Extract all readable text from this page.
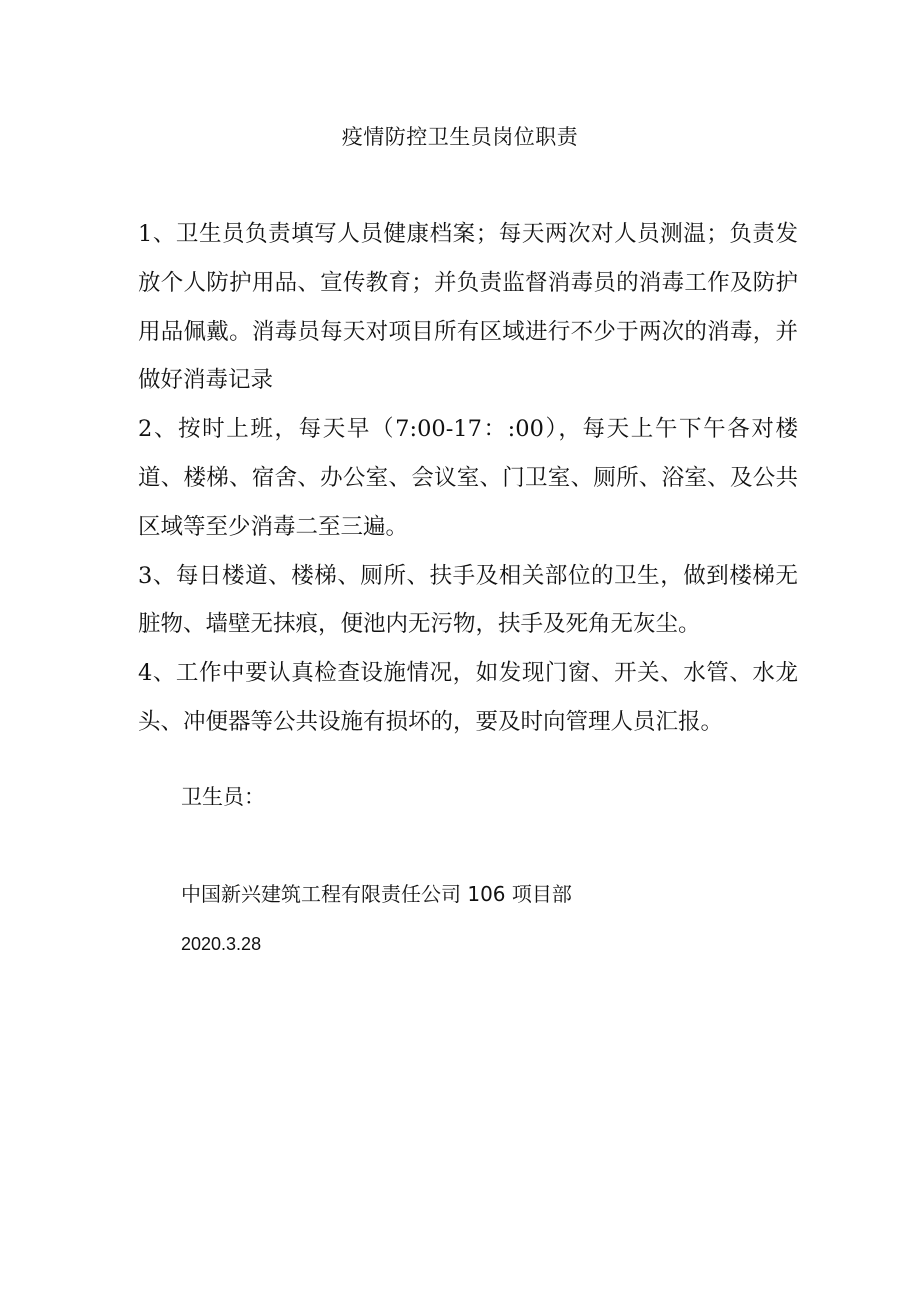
疫情防控卫生员岗位职责

1、卫生员负责填写人员健康档案；每天两次对人员测温；负责发放个人防护用品、宣传教育；并负责监督消毒员的消毒工作及防护用品佩戴。消毒员每天对项目所有区域进行不少于两次的消毒，并做好消毒记录

2、按时上班，每天早（7:00-17：:00），每天上午下午各对楼道、楼梯、宿舍、办公室、会议室、门卫室、厕所、浴室、及公共区域等至少消毒二至三遍。

3、每日楼道、楼梯、厕所、扶手及相关部位的卫生，做到楼梯无脏物、墙壁无抹痕，便池内无污物，扶手及死角无灰尘。

4、工作中要认真检查设施情况，如发现门窗、开关、水管、水龙头、冲便器等公共设施有损坏的，要及时向管理人员汇报。

卫生员：
中国新兴建筑工程有限责任公司 106 项目部
2020.3.28
